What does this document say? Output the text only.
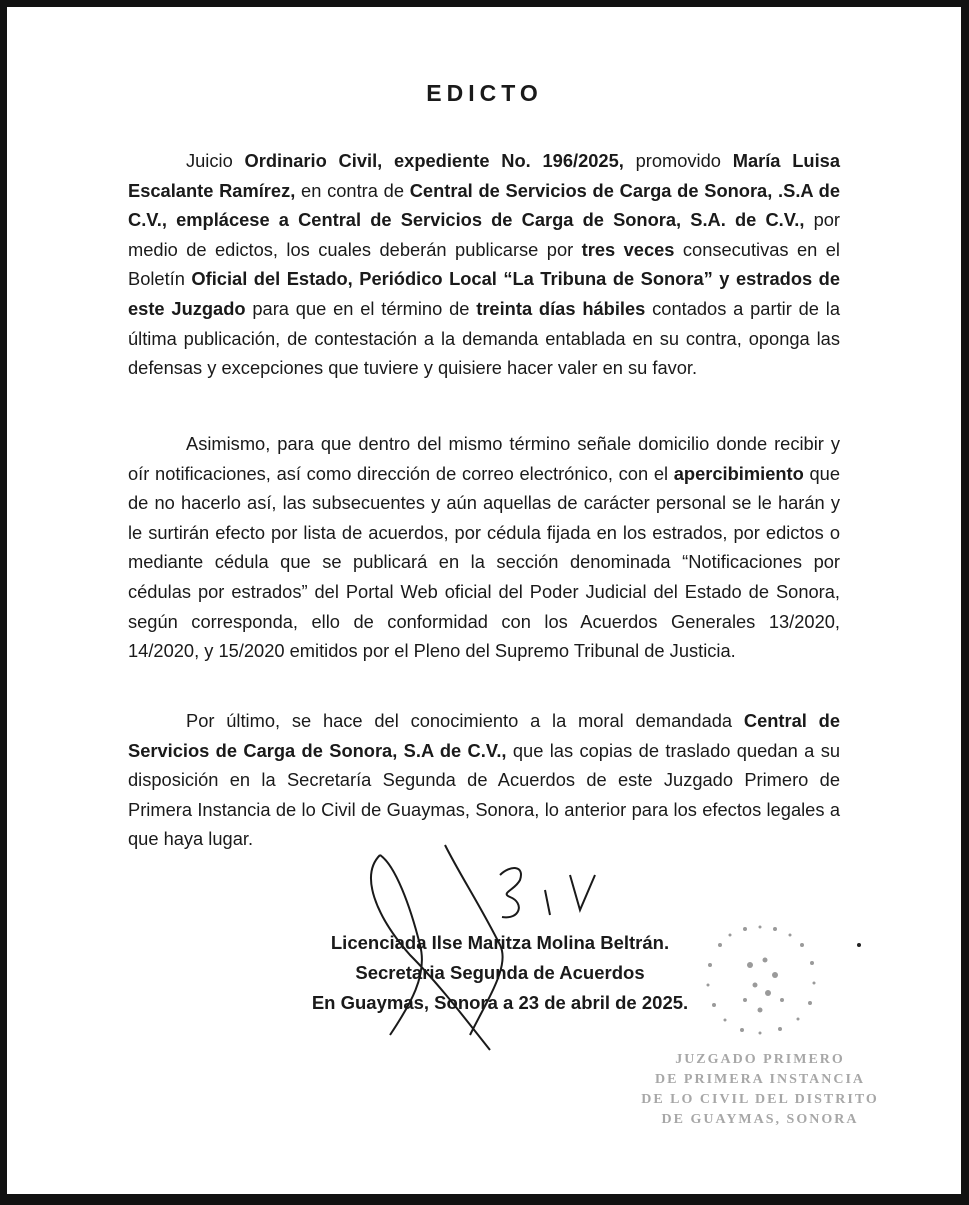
EDICTO
Juicio Ordinario Civil, expediente No. 196/2025, promovido María Luisa Escalante Ramírez, en contra de Central de Servicios de Carga de Sonora, .S.A de C.V., emplácese a Central de Servicios de Carga de Sonora, S.A. de C.V., por medio de edictos, los cuales deberán publicarse por tres veces consecutivas en el Boletín Oficial del Estado, Periódico Local “La Tribuna de Sonora” y estrados de este Juzgado para que en el término de treinta días hábiles contados a partir de la última publicación, de contestación a la demanda entablada en su contra, oponga las defensas y excepciones que tuviere y quisiere hacer valer en su favor.
Asimismo, para que dentro del mismo término señale domicilio donde recibir y oír notificaciones, así como dirección de correo electrónico, con el apercibimiento que de no hacerlo así, las subsecuentes y aún aquellas de carácter personal se le harán y le surtirán efecto por lista de acuerdos, por cédula fijada en los estrados, por edictos o mediante cédula que se publicará en la sección denominada “Notificaciones por cédulas por estrados” del Portal Web oficial del Poder Judicial del Estado de Sonora, según corresponda, ello de conformidad con los Acuerdos Generales 13/2020, 14/2020, y 15/2020 emitidos por el Pleno del Supremo Tribunal de Justicia.
Por último, se hace del conocimiento a la moral demandada Central de Servicios de Carga de Sonora, S.A de C.V., que las copias de traslado quedan a su disposición en la Secretaría Segunda de Acuerdos de este Juzgado Primero de Primera Instancia de lo Civil de Guaymas, Sonora, lo anterior para los efectos legales a que haya lugar.
Licenciada Ilse Maritza Molina Beltrán.
Secretaria Segunda de Acuerdos
En Guaymas, Sonora a 23 de abril de 2025.
JUZGADO PRIMERO
DE PRIMERA INSTANCIA
DE LO CIVIL DEL DISTRITO
DE GUAYMAS, SONORA
